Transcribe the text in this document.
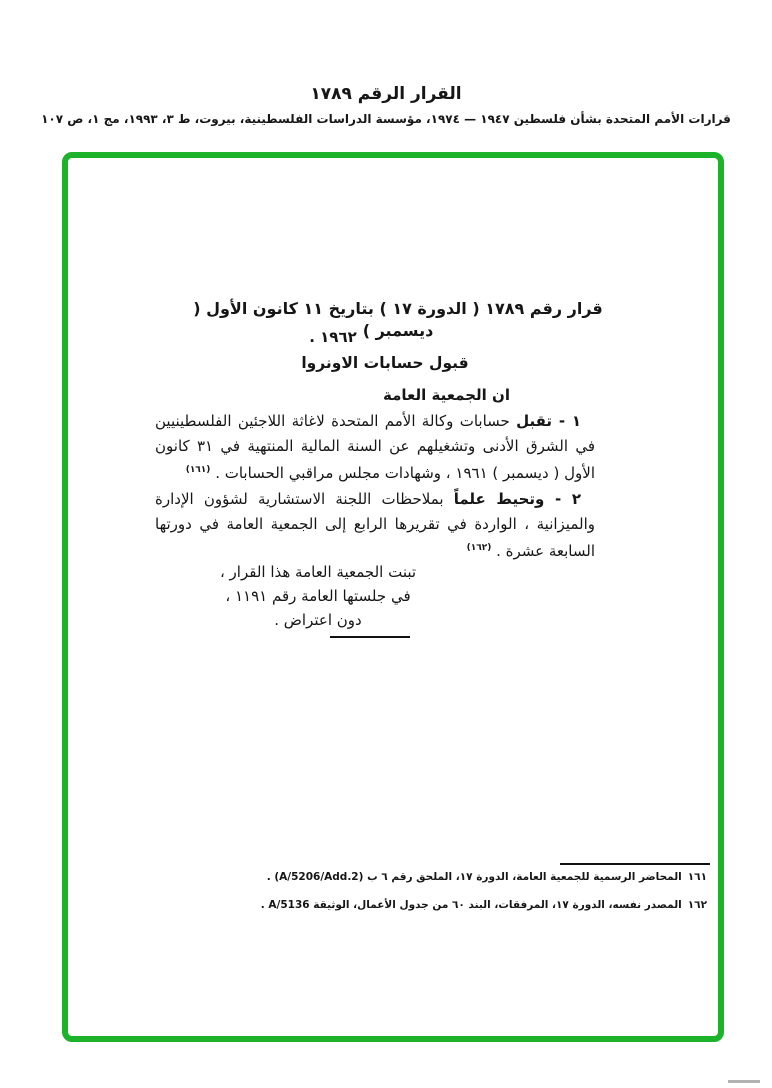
القرار الرقم ١٧٨٩
قرارات الأمم المتحدة بشأن فلسطين ١٩٤٧ — ١٩٧٤، مؤسسة الدراسات الفلسطينية، بيروت، ط ٣، ١٩٩٣، مج ١، ص ١٠٧
قرار رقم ١٧٨٩ ( الدورة ١٧ ) بتاريخ ١١ كانون الأول ( ديسمبر )
١٩٦٢ .
قبول حسابات الاونروا
ان الجمعية العامة
١ - تقبل حسابات وكالة الأمم المتحدة لاغاثة اللاجئين الفلسطينيين في الشرق الأدنى وتشغيلهم عن السنة المالية المنتهية في ٣١ كانون الأول ( ديسمبر ) ١٩٦١ ، وشهادات مجلس مراقبي الحسابات . $^{(١٦١)}$
٢ - وتحيط علماً بملاحظات اللجنة الاستشارية لشؤون الإدارة والميزانية ، الواردة في تقريرها الرابع إلى الجمعية العامة في دورتها السابعة عشرة . $^{(١٦٢)}$
تبنت الجمعية العامة هذا القرار ،
في جلستها العامة رقم ١١٩١ ،
دون اعتراض .
١٦١المحاضر الرسمية للجمعية العامة، الدورة ١٧، الملحق رقم ٦ ب (A/5206/Add.2) .
١٦٢المصدر نفسه، الدورة ١٧، المرفقات، البند ٦٠ من جدول الأعمال، الوثيقة A/5136 .
